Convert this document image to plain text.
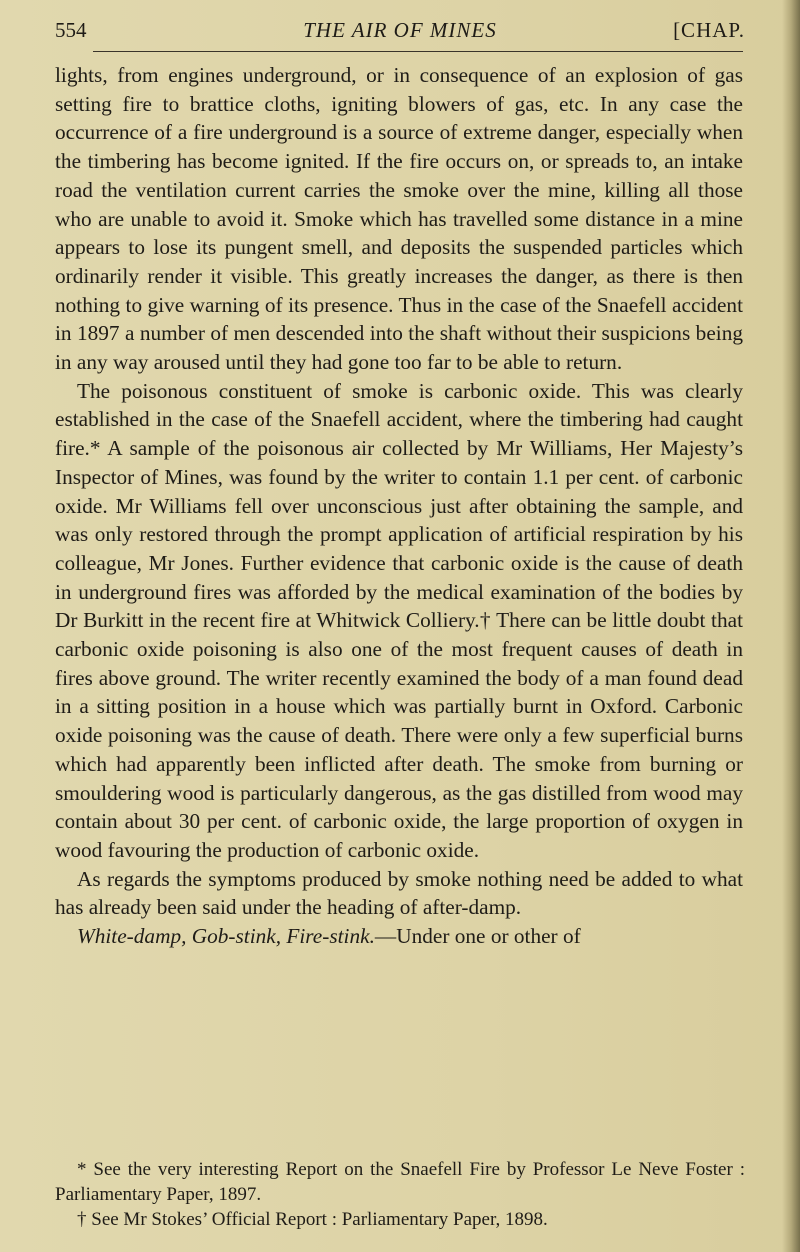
554	THE AIR OF MINES	[CHAP.

lights, from engines underground, or in consequence of an explosion of gas setting fire to brattice cloths, igniting blowers of gas, etc. In any case the occurrence of a fire underground is a source of extreme danger, especially when the timbering has become ignited. If the fire occurs on, or spreads to, an intake road the ventilation current carries the smoke over the mine, killing all those who are unable to avoid it. Smoke which has travelled some distance in a mine appears to lose its pungent smell, and deposits the suspended particles which ordinarily render it visible. This greatly increases the danger, as there is then nothing to give warning of its presence. Thus in the case of the Snaefell accident in 1897 a number of men descended into the shaft without their suspicions being in any way aroused until they had gone too far to be able to return.

The poisonous constituent of smoke is carbonic oxide. This was clearly established in the case of the Snaefell accident, where the timbering had caught fire.* A sample of the poisonous air collected by Mr Williams, Her Majesty’s Inspector of Mines, was found by the writer to contain 1.1 per cent. of carbonic oxide. Mr Williams fell over unconscious just after obtaining the sample, and was only restored through the prompt application of artificial respiration by his colleague, Mr Jones. Further evidence that carbonic oxide is the cause of death in underground fires was afforded by the medical examination of the bodies by Dr Burkitt in the recent fire at Whitwick Colliery.† There can be little doubt that carbonic oxide poisoning is also one of the most frequent causes of death in fires above ground. The writer recently examined the body of a man found dead in a sitting position in a house which was partially burnt in Oxford. Carbonic oxide poisoning was the cause of death. There were only a few superficial burns which had apparently been inflicted after death. The smoke from burning or smouldering wood is particularly dangerous, as the gas distilled from wood may contain about 30 per cent. of carbonic oxide, the large proportion of oxygen in wood favouring the production of carbonic oxide.

As regards the symptoms produced by smoke nothing need be added to what has already been said under the heading of after-damp.

White-damp, Gob-stink, Fire-stink.—Under one or other of

* See the very interesting Report on the Snaefell Fire by Professor Le Neve Foster : Parliamentary Paper, 1897.

† See Mr Stokes’ Official Report : Parliamentary Paper, 1898.
